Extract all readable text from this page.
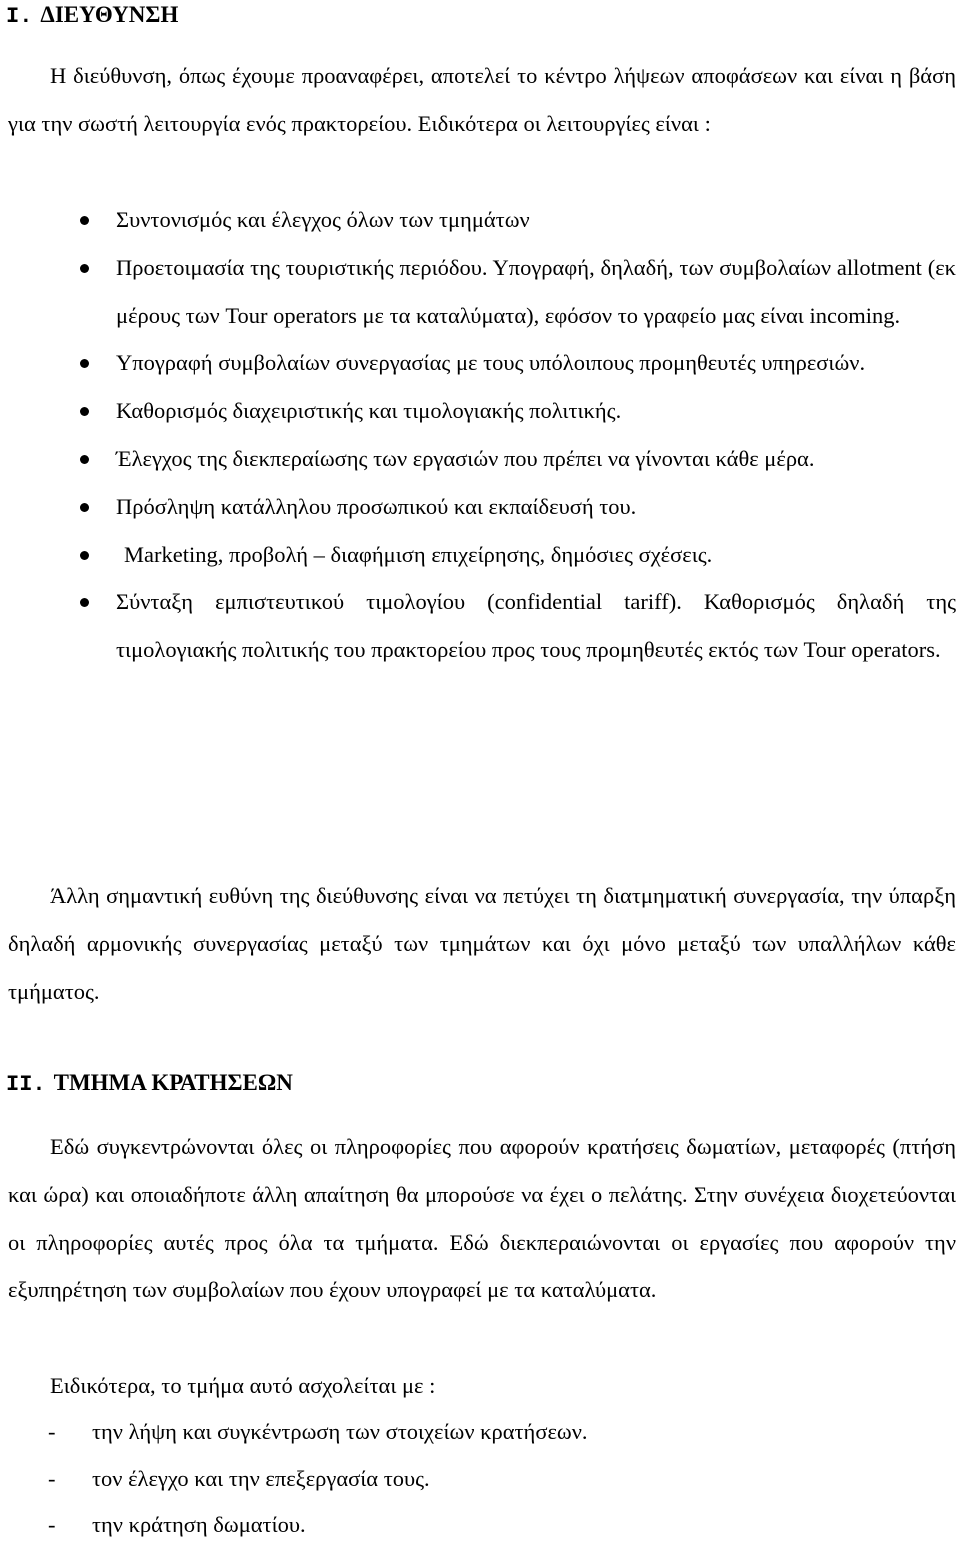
I. ΔΙΕΥΘΥΝΣΗ

Η διεύθυνση, όπως έχουμε προαναφέρει, αποτελεί το κέντρο λήψεων αποφάσεων και είναι η βάση για την σωστή λειτουργία ενός πρακτορείου. Ειδικότερα οι λειτουργίες είναι :

Συντονισμός και έλεγχος όλων των τμημάτων
Προετοιμασία της τουριστικής περιόδου. Υπογραφή, δηλαδή, των συμβολαίων allotment (εκ μέρους των Tour operators με τα καταλύματα), εφόσον το γραφείο μας είναι incoming.
Υπογραφή συμβολαίων συνεργασίας με τους υπόλοιπους προμηθευτές υπηρεσιών.
Καθορισμός διαχειριστικής και τιμολογιακής πολιτικής.
Έλεγχος της διεκπεραίωσης των εργασιών που πρέπει να γίνονται κάθε μέρα.
Πρόσληψη κατάλληλου προσωπικού και εκπαίδευσή του.
Marketing, προβολή – διαφήμιση επιχείρησης, δημόσιες σχέσεις.
Σύνταξη εμπιστευτικού τιμολογίου (confidential tariff). Καθορισμός δηλαδή της τιμολογιακής πολιτικής του πρακτορείου προς τους προμηθευτές εκτός των Tour operators.

Άλλη σημαντική ευθύνη της διεύθυνσης είναι να πετύχει τη διατμηματική συνεργασία, την ύπαρξη δηλαδή αρμονικής συνεργασίας μεταξύ των τμημάτων και όχι μόνο μεταξύ των υπαλλήλων κάθε τμήματος.

II. ΤΜΗΜΑ ΚΡΑΤΗΣΕΩΝ

Εδώ συγκεντρώνονται όλες οι πληροφορίες που αφορούν κρατήσεις δωματίων, μεταφορές (πτήση και ώρα) και οποιαδήποτε άλλη απαίτηση θα μπορούσε να έχει ο πελάτης. Στην συνέχεια διοχετεύονται οι πληροφορίες αυτές προς όλα τα τμήματα. Εδώ διεκπεραιώνονται οι εργασίες που αφορούν την εξυπηρέτηση των συμβολαίων που έχουν υπογραφεί με τα καταλύματα.

Ειδικότερα, το τμήμα αυτό ασχολείται με :

- την λήψη και συγκέντρωση των στοιχείων κρατήσεων.
- τον έλεγχο και την επεξεργασία τους.
- την κράτηση δωματίου.
